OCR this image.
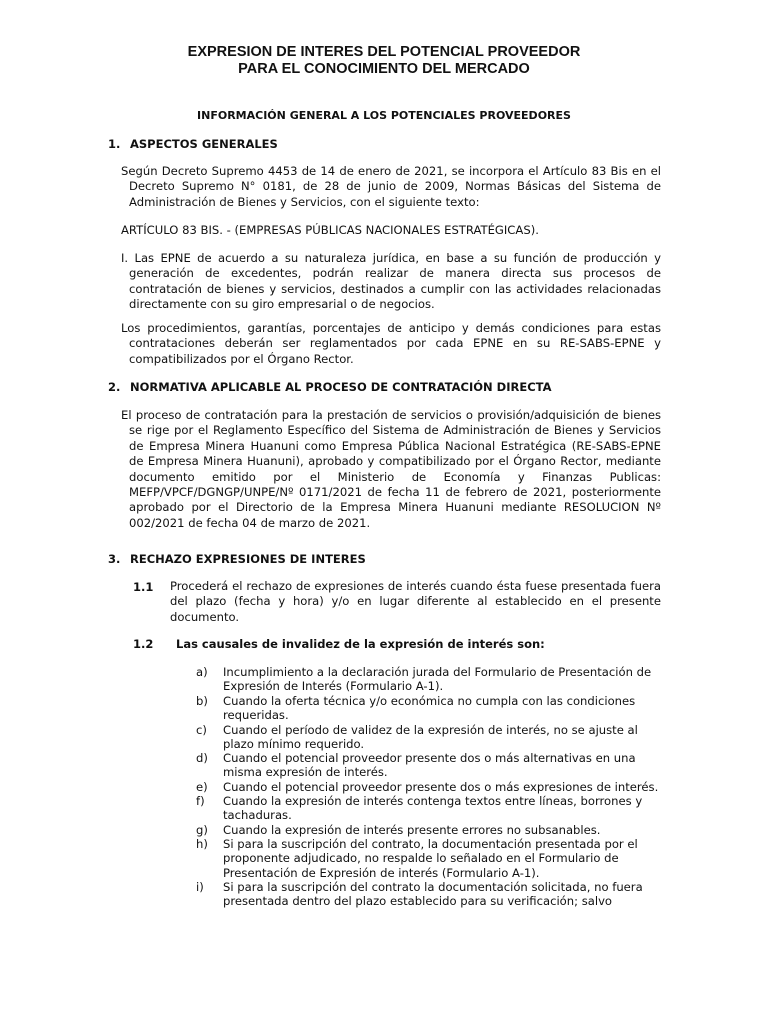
EXPRESION DE INTERES DEL POTENCIAL PROVEEDOR
PARA EL CONOCIMIENTO DEL MERCADO
INFORMACIÓN GENERAL A LOS POTENCIALES PROVEEDORES
1. ASPECTOS GENERALES
Según Decreto Supremo 4453 de 14 de enero de 2021, se incorpora el Artículo 83 Bis en el Decreto Supremo N° 0181, de 28 de junio de 2009, Normas Básicas del Sistema de Administración de Bienes y Servicios, con el siguiente texto:
ARTÍCULO 83 BIS. - (EMPRESAS PÚBLICAS NACIONALES ESTRATÉGICAS).
I. Las EPNE de acuerdo a su naturaleza jurídica, en base a su función de producción y generación de excedentes, podrán realizar de manera directa sus procesos de contratación de bienes y servicios, destinados a cumplir con las actividades relacionadas directamente con su giro empresarial o de negocios.
Los procedimientos, garantías, porcentajes de anticipo y demás condiciones para estas contrataciones deberán ser reglamentados por cada EPNE en su RE-SABS-EPNE y compatibilizados por el Órgano Rector.
2. NORMATIVA APLICABLE AL PROCESO DE CONTRATACIÓN DIRECTA
El proceso de contratación para la prestación de servicios o provisión/adquisición de bienes se rige por el Reglamento Específico del Sistema de Administración de Bienes y Servicios de Empresa Minera Huanuni como Empresa Pública Nacional Estratégica (RE-SABS-EPNE de Empresa Minera Huanuni), aprobado y compatibilizado por el Órgano Rector, mediante documento emitido por el Ministerio de Economía y Finanzas Publicas: MEFP/VPCF/DGNGP/UNPE/Nº 0171/2021 de fecha 11 de febrero de 2021, posteriormente aprobado por el Directorio de la Empresa Minera Huanuni mediante RESOLUCION Nº 002/2021 de fecha 04 de marzo de 2021.
3. RECHAZO EXPRESIONES DE INTERES
1.1 Procederá el rechazo de expresiones de interés cuando ésta fuese presentada fuera del plazo (fecha y hora) y/o en lugar diferente al establecido en el presente documento.
1.2 Las causales de invalidez de la expresión de interés son:
a) Incumplimiento a la declaración jurada del Formulario de Presentación de Expresión de Interés (Formulario A-1).
b) Cuando la oferta técnica y/o económica no cumpla con las condiciones requeridas.
c) Cuando el período de validez de la expresión de interés, no se ajuste al plazo mínimo requerido.
d) Cuando el potencial proveedor presente dos o más alternativas en una misma expresión de interés.
e) Cuando el potencial proveedor presente dos o más expresiones de interés.
f) Cuando la expresión de interés contenga textos entre líneas, borrones y tachaduras.
g) Cuando la expresión de interés presente errores no subsanables.
h) Si para la suscripción del contrato, la documentación presentada por el proponente adjudicado, no respalde lo señalado en el Formulario de Presentación de Expresión de interés (Formulario A-1).
i) Si para la suscripción del contrato la documentación solicitada, no fuera presentada dentro del plazo establecido para su verificación; salvo
